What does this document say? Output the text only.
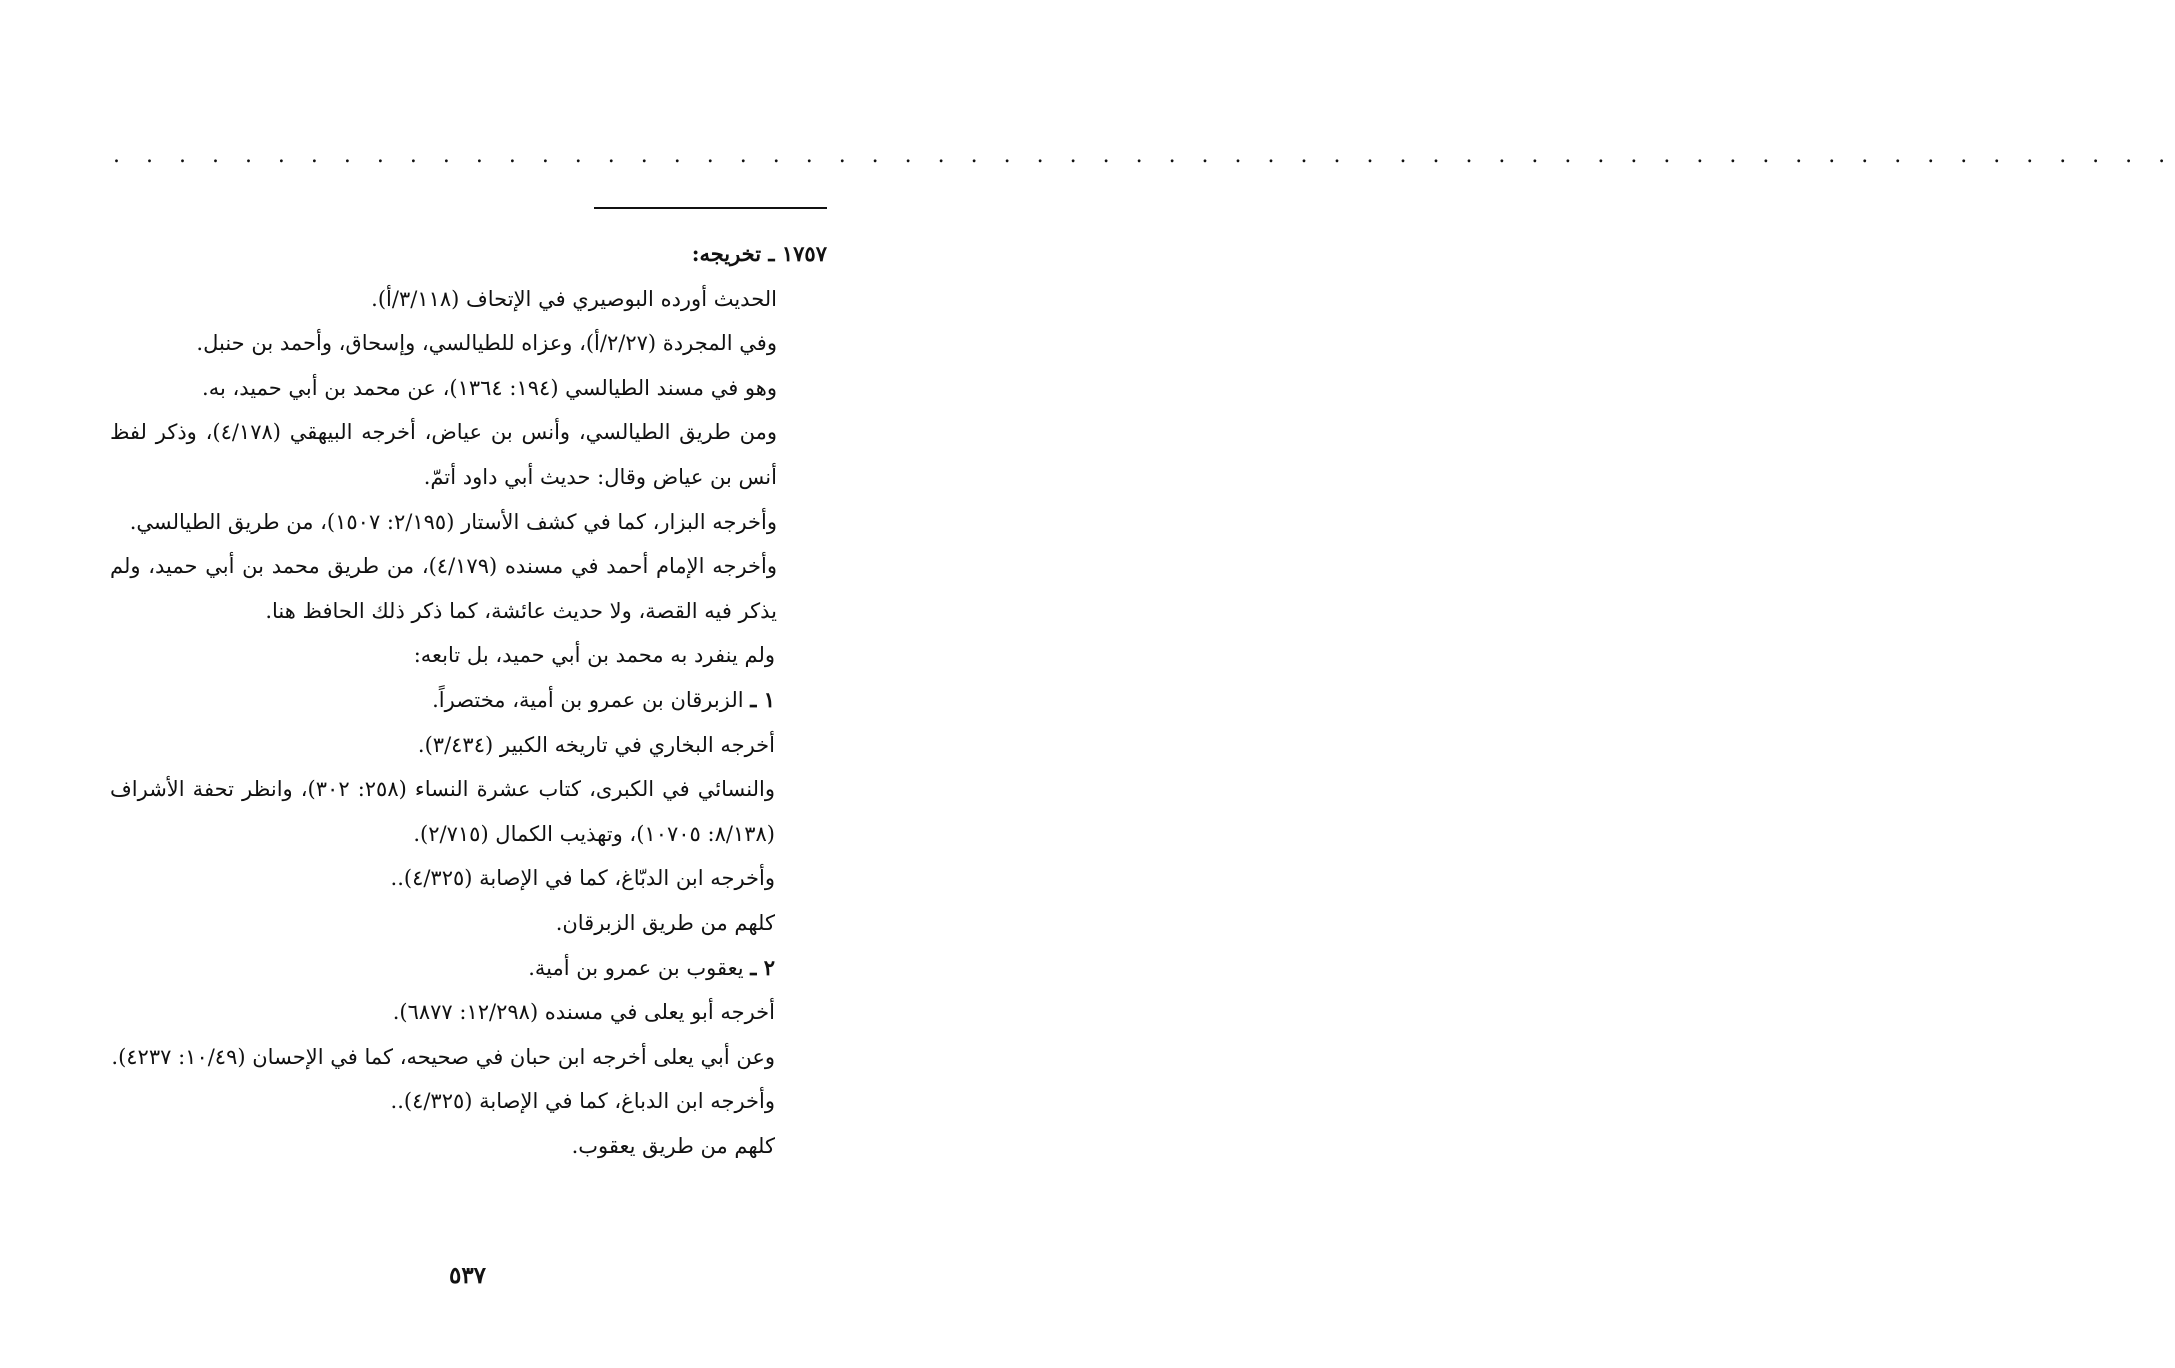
. . . . . . . . . . . . . . . . . . . . . . . . . . . . . . . . . . . . . . . . . . . . . . . . . . . . . . . . . . . . . . .

١٧٥٧ ـ تخريجه:

الحديث أورده البوصيري في الإتحاف (٣/١١٨/أ).

وفي المجردة (٢/٢٧/أ)، وعزاه للطيالسي، وإسحاق، وأحمد بن حنبل.

وهو في مسند الطيالسي (١٩٤: ١٣٦٤)، عن محمد بن أبي حميد، به.

ومن طريق الطيالسي، وأنس بن عياض، أخرجه البيهقي (٤/١٧٨)، وذكر لفظ أنس بن عياض وقال: حديث أبي داود أتمّ.

وأخرجه البزار، كما في كشف الأستار (٢/١٩٥: ١٥٠٧)، من طريق الطيالسي.

وأخرجه الإمام أحمد في مسنده (٤/١٧٩)، من طريق محمد بن أبي حميد، ولم يذكر فيه القصة، ولا حديث عائشة، كما ذكر ذلك الحافظ هنا.

ولم ينفرد به محمد بن أبي حميد، بل تابعه:

١ ـ الزبرقان بن عمرو بن أمية، مختصراً.

أخرجه البخاري في تاريخه الكبير (٣/٤٣٤).

والنسائي في الكبرى، كتاب عشرة النساء (٢٥٨: ٣٠٢)، وانظر تحفة الأشراف (٨/١٣٨: ١٠٧٠٥)، وتهذيب الكمال (٢/٧١٥).

وأخرجه ابن الدبّاغ، كما في الإصابة (٤/٣٢٥)..

كلهم من طريق الزبرقان.

٢ ـ يعقوب بن عمرو بن أمية.

أخرجه أبو يعلى في مسنده (١٢/٢٩٨: ٦٨٧٧).

وعن أبي يعلى أخرجه ابن حبان في صحيحه، كما في الإحسان (١٠/٤٩: ٤٢٣٧).

وأخرجه ابن الدباغ، كما في الإصابة (٤/٣٢٥)..

كلهم من طريق يعقوب.

٥٣٧
